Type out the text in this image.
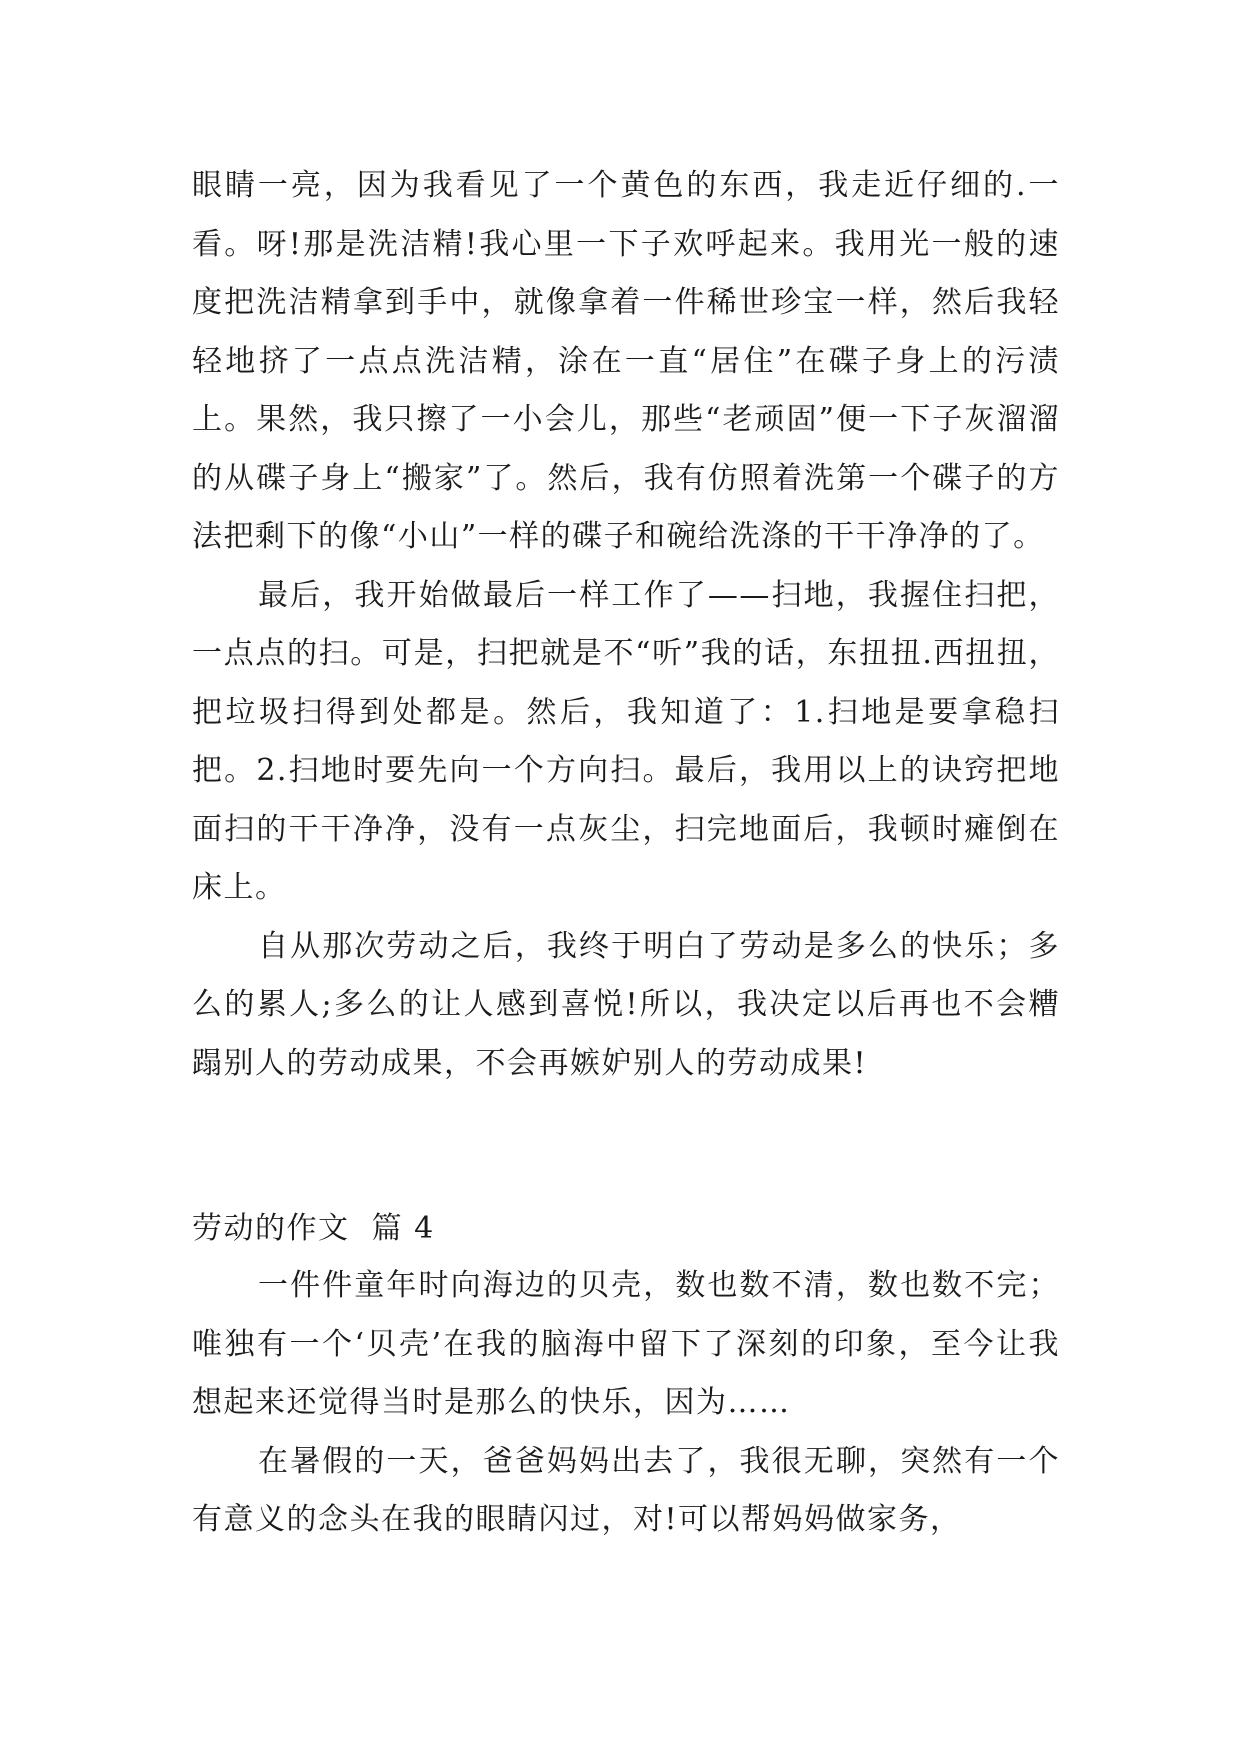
眼睛一亮，因为我看见了一个黄色的东西，我走近仔细的.一看。呀!那是洗洁精!我心里一下子欢呼起来。我用光一般的速度把洗洁精拿到手中，就像拿着一件稀世珍宝一样，然后我轻轻地挤了一点点洗洁精，涂在一直“居住”在碟子身上的污渍上。果然，我只擦了一小会儿，那些“老顽固”便一下子灰溜溜的从碟子身上“搬家”了。然后，我有仿照着洗第一个碟子的方法把剩下的像“小山”一样的碟子和碗给洗涤的干干净净的了。

最后，我开始做最后一样工作了——扫地，我握住扫把，一点点的扫。可是，扫把就是不“听”我的话，东扭扭.西扭扭，把垃圾扫得到处都是。然后，我知道了：1.扫地是要拿稳扫把。2.扫地时要先向一个方向扫。最后，我用以上的诀窍把地面扫的干干净净，没有一点灰尘，扫完地面后，我顿时瘫倒在床上。

自从那次劳动之后，我终于明白了劳动是多么的快乐；多么的累人;多么的让人感到喜悦!所以，我决定以后再也不会糟蹋别人的劳动成果，不会再嫉妒别人的劳动成果!

劳动的作文  篇 4

一件件童年时向海边的贝壳，数也数不清，数也数不完；唯独有一个‘贝壳’在我的脑海中留下了深刻的印象，至今让我想起来还觉得当时是那么的快乐，因为……

在暑假的一天，爸爸妈妈出去了，我很无聊，突然有一个有意义的念头在我的眼睛闪过，对!可以帮妈妈做家务，
